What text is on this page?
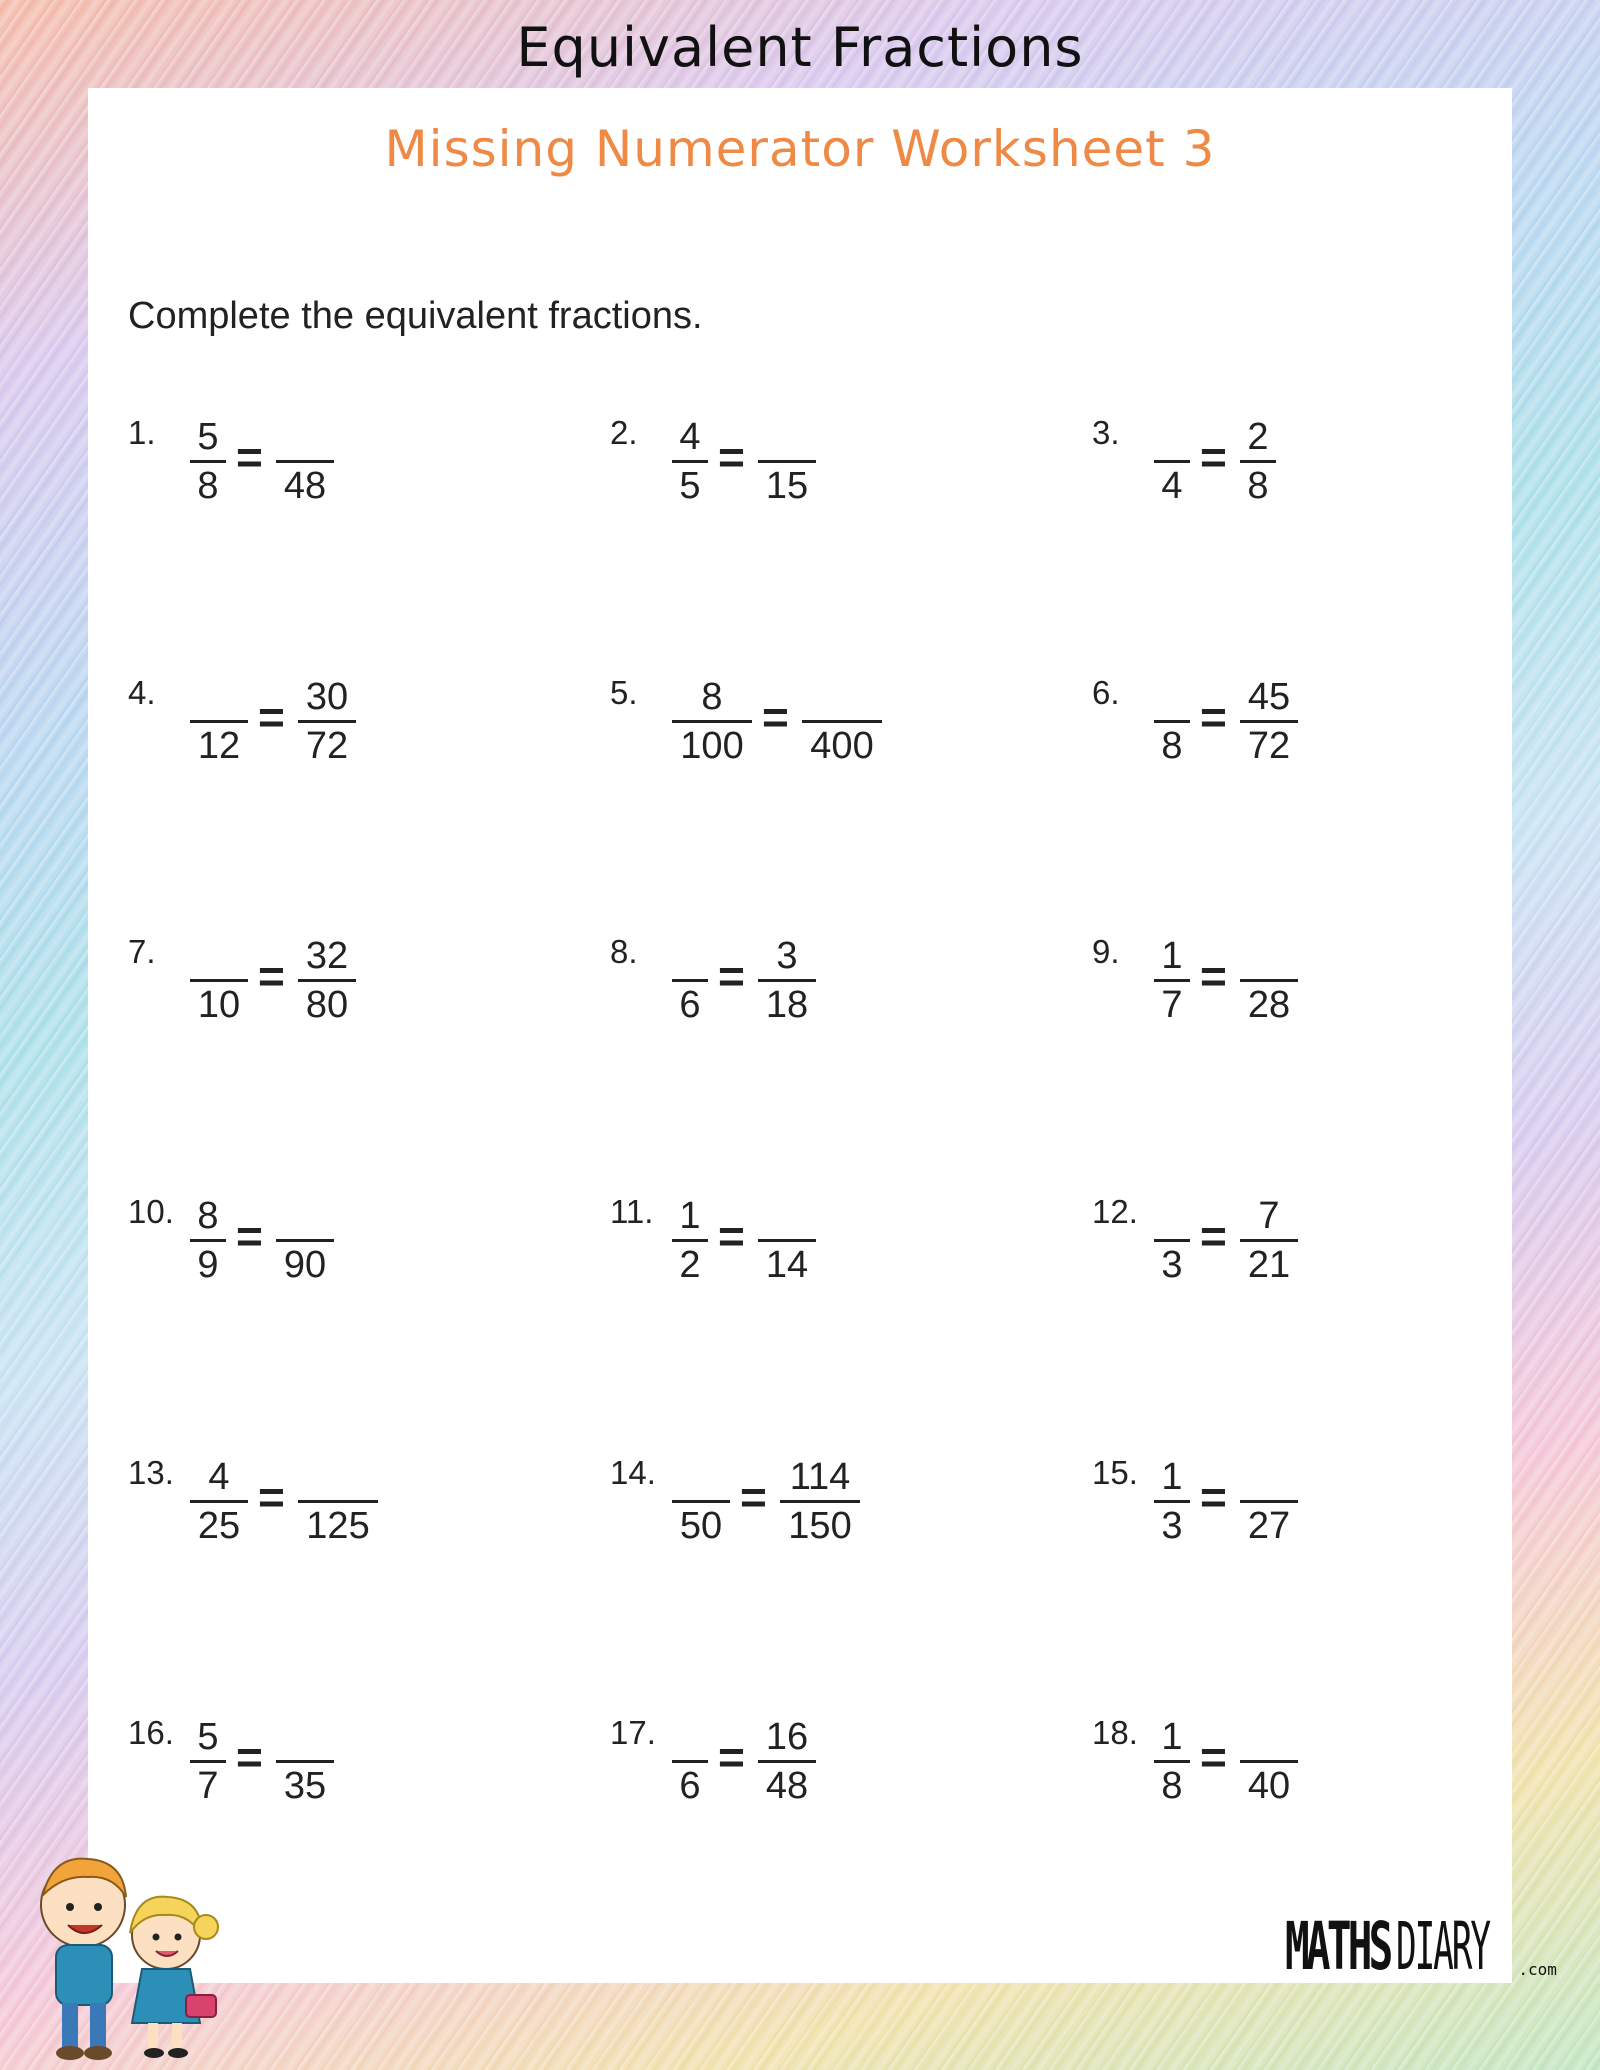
Equivalent Fractions
Missing Numerator Worksheet 3
Complete the equivalent fractions.
1. 5
8
=
48
2. 4
5
=
15
3.
4
= 2
8
4.
12
= 30
72
5. 8
100
=
400
6.
8
= 45
72
7.
10
= 32
80
8.
6
= 3
18
9. 1
7
=
28
10. 8
9
=
90
11. 1
2
=
14
12.
3
= 7
21
13. 4
25
=
125
14.
50
= 114
150
15. 1
3
=
27
16. 5
7
=
35
17.
6
= 16
48
18. 1
8
=
40
MATHS DIARY .com
